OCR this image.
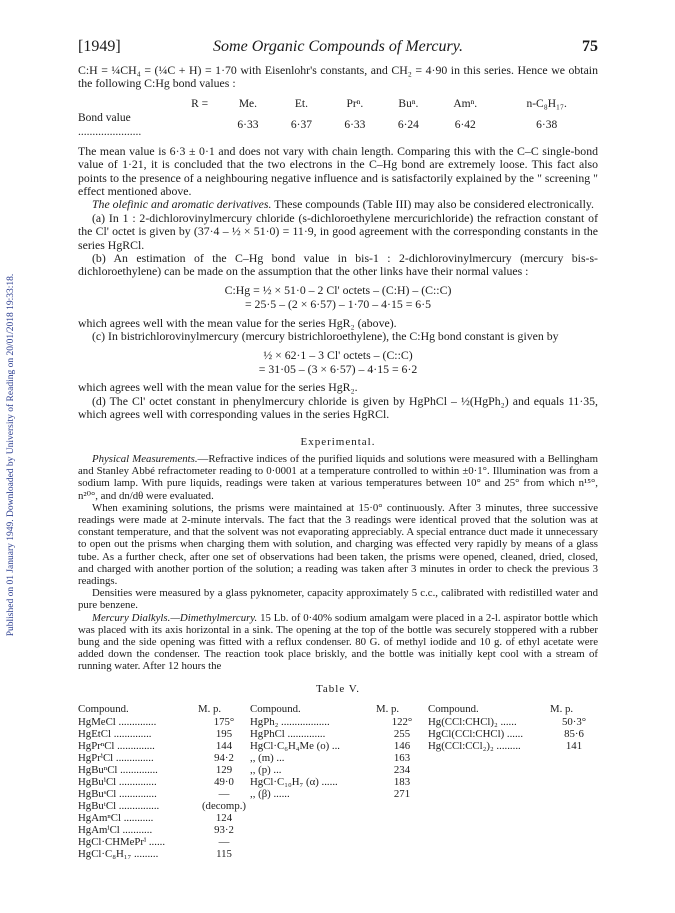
Published on 01 January 1949. Downloaded by University of Reading on 20/01/2018 19:33:18.
[1949]	Some Organic Compounds of Mercury.	75

C:H = ¼CH₄ = (¼C + H) = 1·70 with Eisenlohr's constants, and CH₂ = 4·90 in this series. Hence we obtain the following C:Hg bond values :

	R =	Me.	Et.	Prⁿ.	Buⁿ.	Amⁿ.	n-C₈H₁₇.
Bond value ......................		6·33	6·37	6·33	6·24	6·42	6·38

The mean value is 6·3 ± 0·1 and does not vary with chain length. Comparing this with the C–C single-bond value of 1·21, it is concluded that the two electrons in the C–Hg bond are extremely loose. This fact also points to the presence of a neighbouring negative influence and is satisfactorily explained by the " screening " effect mentioned above.

The olefinic and aromatic derivatives. These compounds (Table III) may also be considered electronically.

(a) In 1 : 2-dichlorovinylmercury chloride (s-dichloroethylene mercurichloride) the refraction constant of the Cl' octet is given by (37·4 – ½ × 51·0) = 11·9, in good agreement with the corresponding constants in the series HgRCl.

(b) An estimation of the C–Hg bond value in bis-1 : 2-dichlorovinylmercury (mercury bis-s-dichloroethylene) can be made on the assumption that the other links have their normal values :

C:Hg = ½ × 51·0 – 2 Cl' octets – (C:H) – (C::C)
= 25·5 – (2 × 6·57) – 1·70 – 4·15 = 6·5

which agrees well with the mean value for the series HgR₂ (above).

(c) In bistrichlorovinylmercury (mercury bistrichloroethylene), the C:Hg bond constant is given by

½ × 62·1 – 3 Cl' octets – (C::C)
= 31·05 – (3 × 6·57) – 4·15 = 6·2

which agrees well with the mean value for the series HgR₂.

(d) The Cl' octet constant in phenylmercury chloride is given by HgPhCl – ½(HgPh₂) and equals 11·35, which agrees well with corresponding values in the series HgRCl.

Experimental.

Physical Measurements.—Refractive indices of the purified liquids and solutions were measured with a Bellingham and Stanley Abbé refractometer reading to 0·0001 at a temperature controlled to within ±0·1°. Illumination was from a sodium lamp. With pure liquids, readings were taken at various temperatures between 10° and 25° from which n¹⁵°, n²⁰°, and dn/dθ were evaluated.

When examining solutions, the prisms were maintained at 15·0° continuously. After 3 minutes, three successive readings were made at 2-minute intervals. The fact that the 3 readings were identical proved that the solution was at constant temperature, and that the solvent was not evaporating appreciably. A special entrance duct made it unnecessary to open out the prisms when charging them with solution, and charging was effected very rapidly by means of a glass tube. As a further check, after one set of observations had been taken, the prisms were opened, cleaned, dried, closed, and charged with another portion of the solution; a reading was taken after 3 minutes in order to check the previous 3 readings.

Densities were measured by a glass pyknometer, capacity approximately 5 c.c., calibrated with redistilled water and pure benzene.

Mercury Dialkyls.—Dimethylmercury. 15 Lb. of 0·40% sodium amalgam were placed in a 2-l. aspirator bottle which was placed with its axis horizontal in a sink. The opening at the top of the bottle was securely stoppered with a rubber bung and the side opening was fitted with a reflux condenser. 80 G. of methyl iodide and 10 g. of ethyl acetate were added down the condenser. The reaction took place briskly, and the bottle was initially kept cool with a stream of running water. After 12 hours the

Table V.
Compound.	M. p.	Compound.	M. p.	Compound.	M. p.
HgMeCl ..............	175°	HgPh₂ ..................	122°	Hg(CCl:CHCl)₂ ......	50·3°
HgEtCl ..............	195	HgPhCl ..............	255	HgCl(CCl:CHCl) ......	85·6
HgPrⁿCl ..............	144	HgCl·C₆H₄Me (o) ...	146	Hg(CCl:CCl₂)₂ .........	141
HgPrⁱCl ..............	94·2	,, (m) ...	163		
HgBuⁿCl ..............	129	,, (p) ...	234		
HgBuⁱCl ..............	49·0	HgCl·C₁₀H₇ (α) ......	183		
HgBuˢCl ..............	—	,, (β) ......	271		
HgBuᵗCl ...............	(decomp.)				
HgAmⁿCl ...........	124				
HgAmⁱCl ...........	93·2				
HgCl·CHMePrⁱ ......	—				
HgCl·C₈H₁₇ .........	115				
